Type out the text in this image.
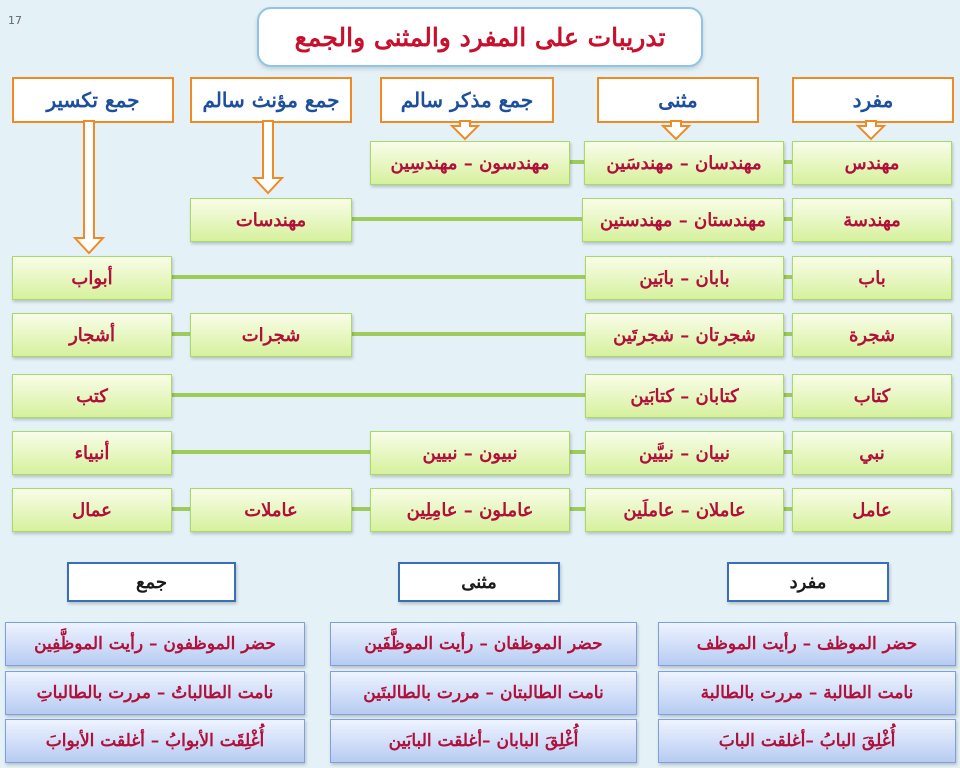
17
تدريبات على المفرد والمثنى والجمع
مفرد
مثنى
جمع مذكر سالم
جمع مؤنث سالم
جمع تكسير
مهندس
مهندسان – مهندسَين
مهندسون – مهندسِين
مهندسة
مهندستان – مهندستين
مهندسات
باب
بابان – بابَين
أبواب
شجرة
شجرتان – شجرتَين
شجرات
أشجار
كتاب
كتابان – كتابَين
كتب
نبي
نبيان – نبيَّين
نبيون – نبيين
أنبياء
عامل
عاملان – عاملَين
عاملون – عامِلِين
عاملات
عمال
مفرد
مثنى
جمع
حضر الموظف – رأيت الموظف
نامت الطالبة – مررت بالطالبة
أُغْلِقَ البابُ –أغلقت البابَ
حضر الموظفان – رأيت الموظَّفَين
نامت الطالبتان – مررت بالطالبتَين
أُغْلِقَ البابان –أغلقت البابَين
حضر الموظفون – رأيت الموظَّفِين
نامت الطالباتُ – مررت بالطالباتِ
أُغْلِقَت الأبوابُ – أغلقت الأبوابَ
